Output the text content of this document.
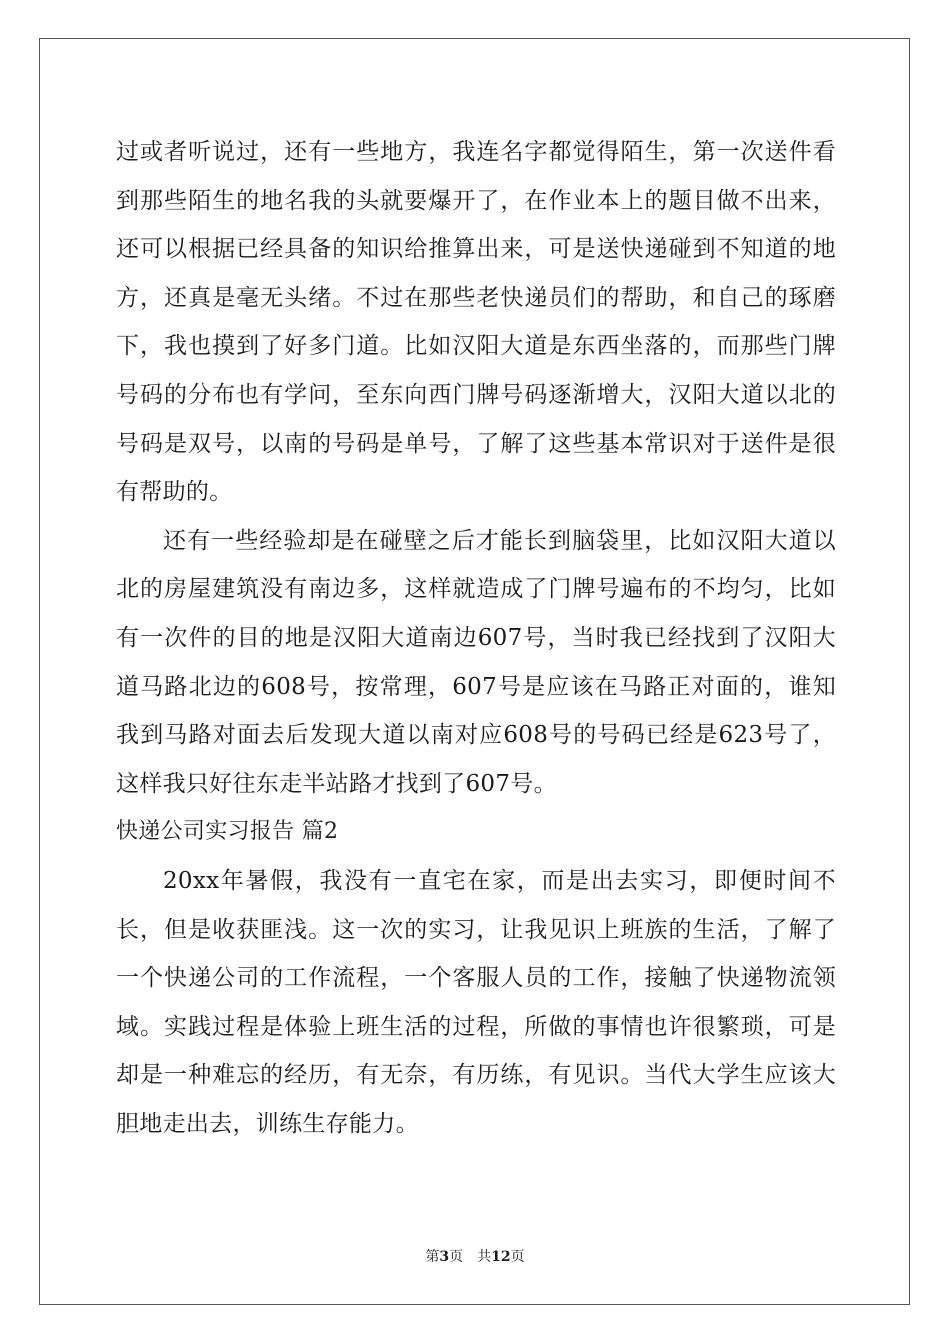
过或者听说过，还有一些地方，我连名字都觉得陌生，第一次送件看
到那些陌生的地名我的头就要爆开了，在作业本上的题目做不出来，
还可以根据已经具备的知识给推算出来，可是送快递碰到不知道的地
方，还真是毫无头绪。不过在那些老快递员们的帮助，和自己的琢磨
下，我也摸到了好多门道。比如汉阳大道是东西坐落的，而那些门牌
号码的分布也有学问，至东向西门牌号码逐渐增大，汉阳大道以北的
号码是双号，以南的号码是单号，了解了这些基本常识对于送件是很
有帮助的。
还有一些经验却是在碰壁之后才能长到脑袋里，比如汉阳大道以
北的房屋建筑没有南边多，这样就造成了门牌号遍布的不均匀，比如
有一次件的目的地是汉阳大道南边607号，当时我已经找到了汉阳大
道马路北边的608号，按常理，607号是应该在马路正对面的，谁知
我到马路对面去后发现大道以南对应608号的号码已经是623号了，
这样我只好往东走半站路才找到了607号。
快递公司实习报告 篇2
20xx年暑假，我没有一直宅在家，而是出去实习，即便时间不
长，但是收获匪浅。这一次的实习，让我见识上班族的生活，了解了
一个快递公司的工作流程，一个客服人员的工作，接触了快递物流领
域。实践过程是体验上班生活的过程，所做的事情也许很繁琐，可是
却是一种难忘的经历，有无奈，有历练，有见识。当代大学生应该大
胆地走出去，训练生存能力。
第3页 共12页
